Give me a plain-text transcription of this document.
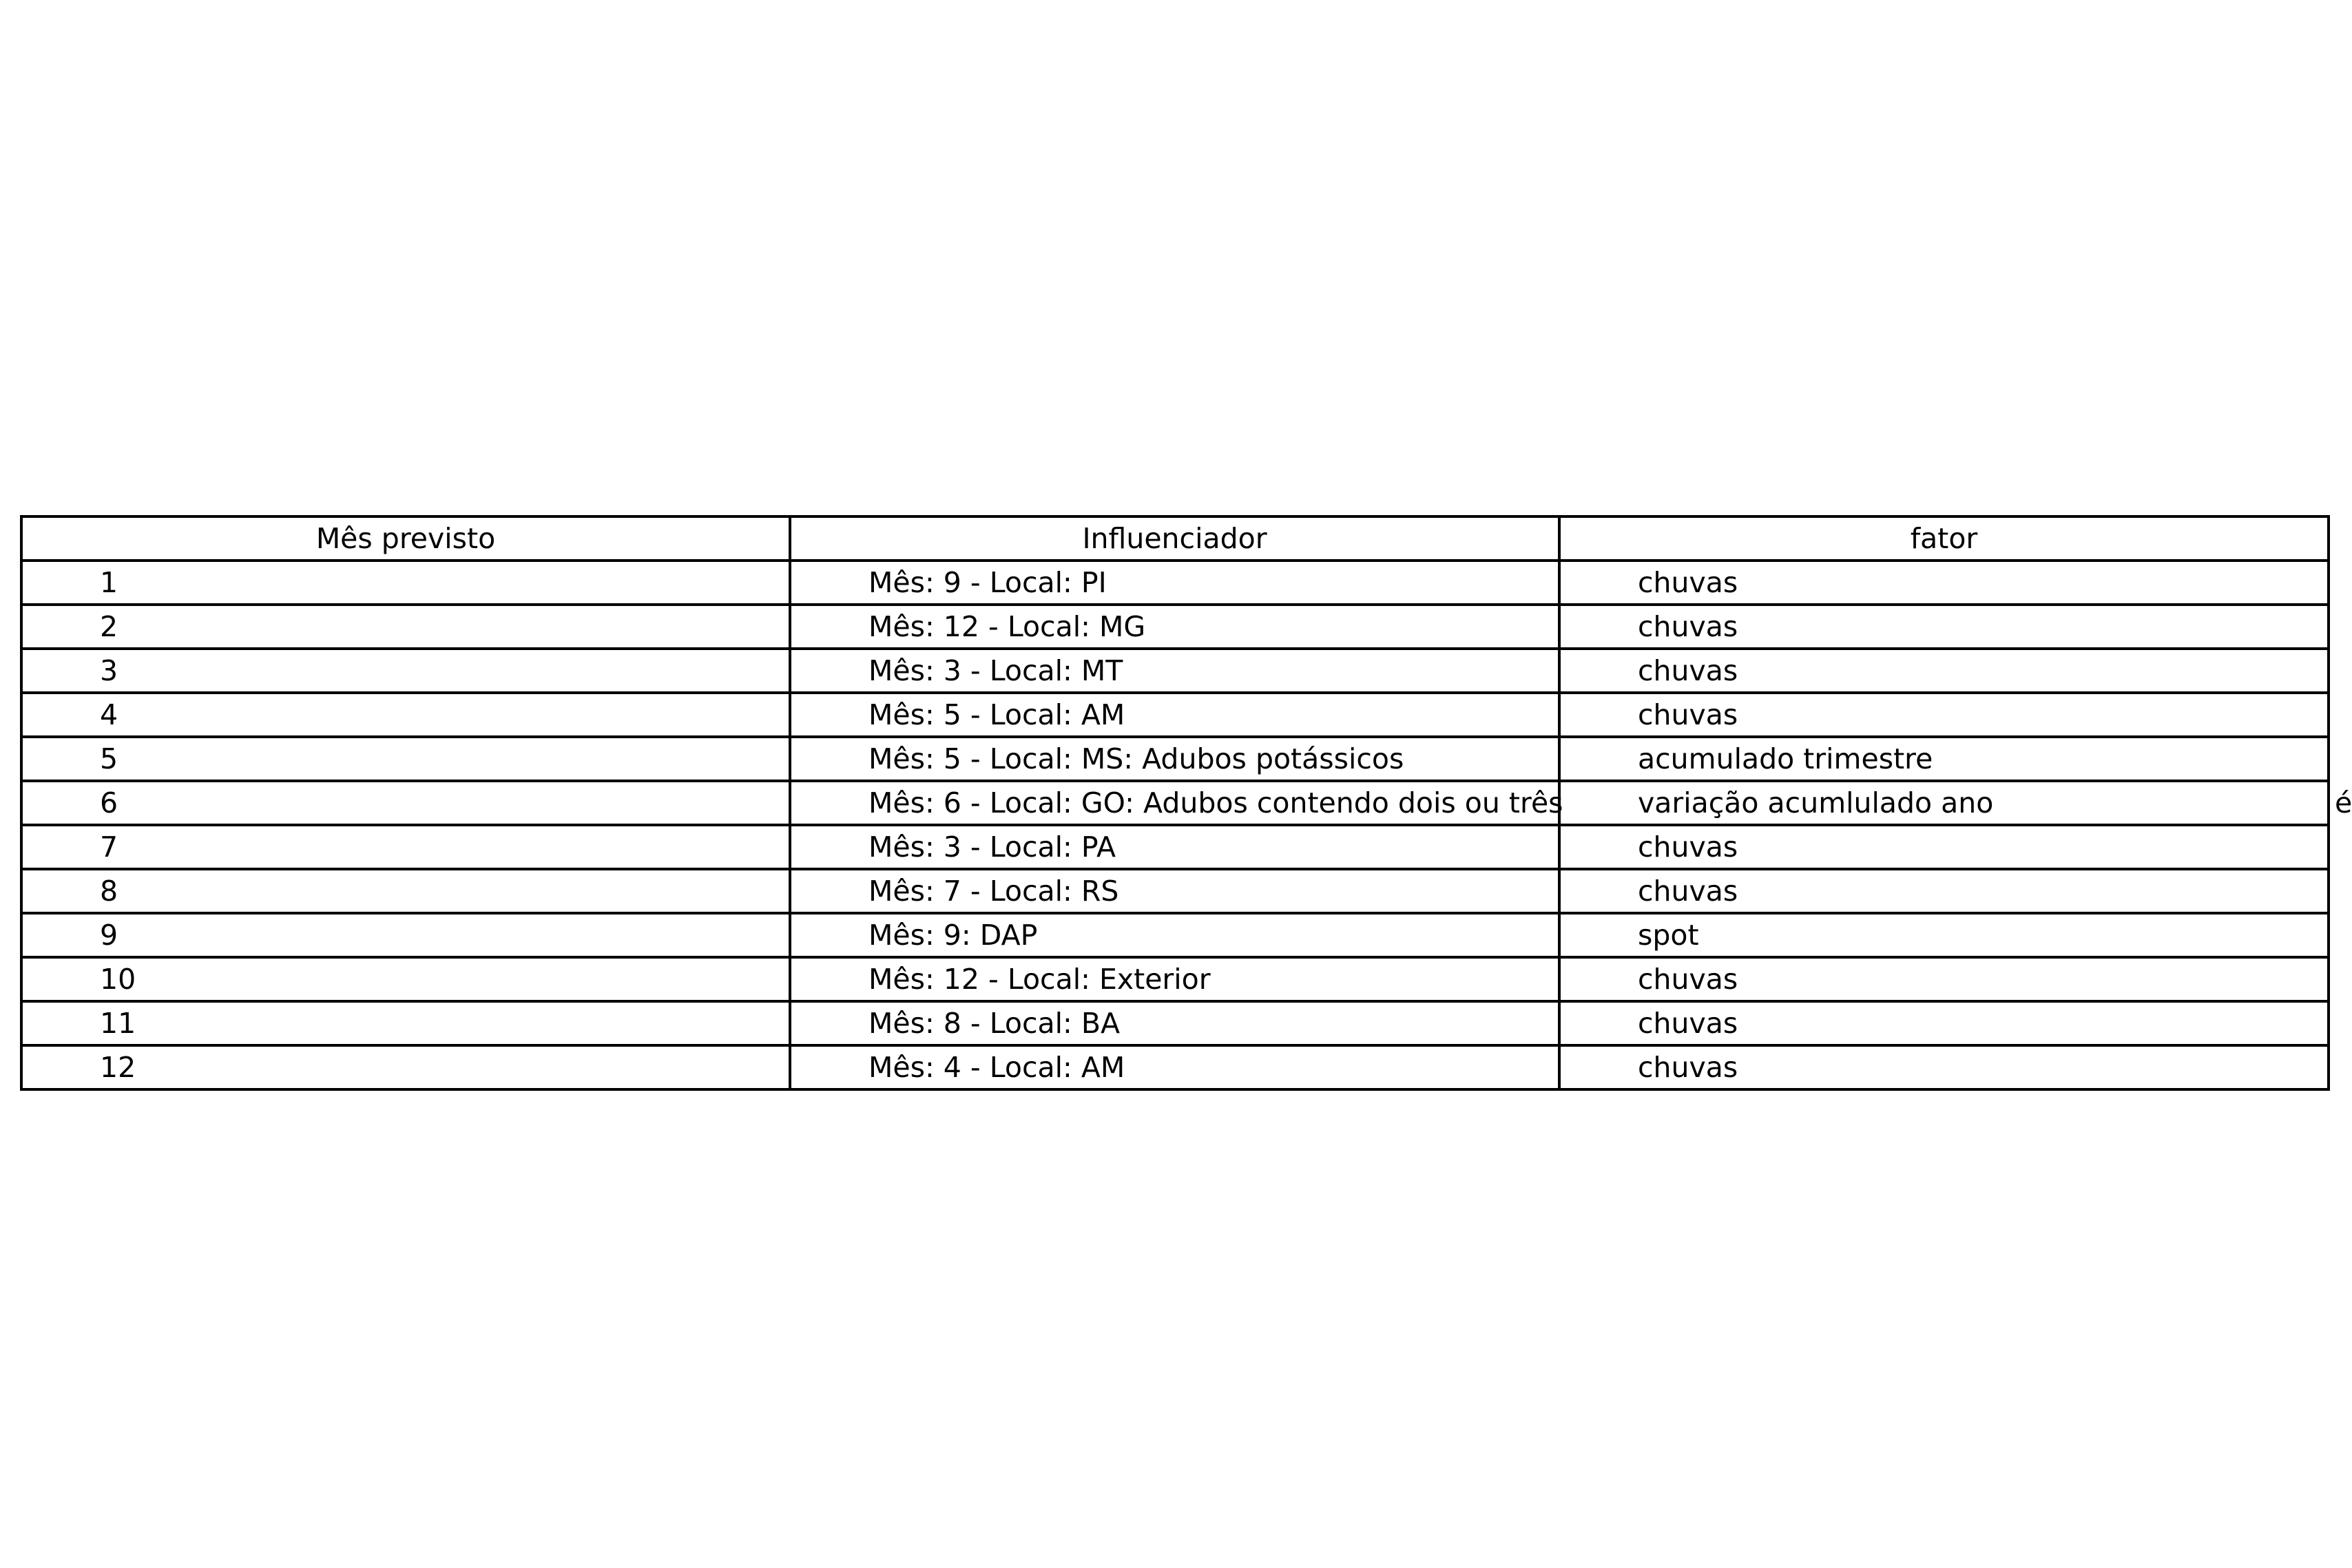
Mês previsto	Influenciador	fator

1	Mês: 9 - Local: PI	chuvas

2	Mês: 12 - Local: MG	chuvas

3	Mês: 3 - Local: MT	chuvas

4	Mês: 5 - Local: AM	chuvas

5	Mês: 5 - Local: MS: Adubos potássicos	acumulado trimestre

6	Mês: 6 - Local: GO: Adubos contendo dois ou três	variação acumlulado ano

7	Mês: 3 - Local: PA	chuvas

8	Mês: 7 - Local: RS	chuvas

9	Mês: 9: DAP	spot

10	Mês: 12 - Local: Exterior	chuvas

11	Mês: 8 - Local: BA	chuvas

12	Mês: 4 - Local: AM	chuvas
é
